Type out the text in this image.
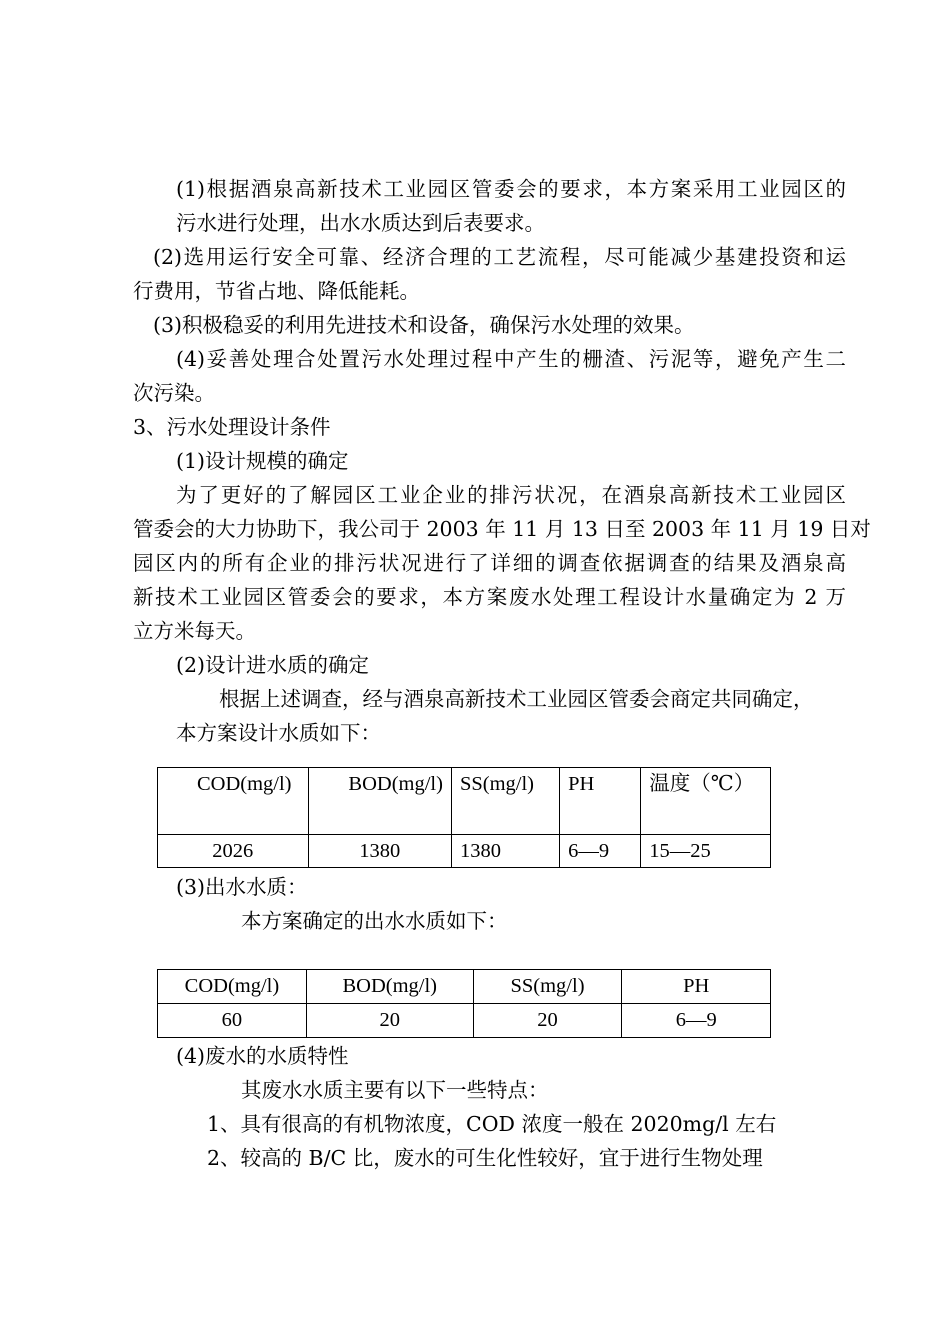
(1)根据酒泉高新技术工业园区管委会的要求，本方案采用工业园区的
污水进行处理，出水水质达到后表要求。
(2)选用运行安全可靠、经济合理的工艺流程，尽可能减少基建投资和运
行费用，节省占地、降低能耗。
(3)积极稳妥的利用先进技术和设备，确保污水处理的效果。
(4)妥善处理合处置污水处理过程中产生的栅渣、污泥等，避免产生二
次污染。
3、污水处理设计条件
(1)设计规模的确定
为了更好的了解园区工业企业的排污状况，在酒泉高新技术工业园区
管委会的大力协助下，我公司于 2003 年 11 月 13 日至 2003 年 11 月 19 日对
园区内的所有企业的排污状况进行了详细的调查依据调查的结果及酒泉高
新技术工业园区管委会的要求，本方案废水处理工程设计水量确定为 2 万
立方米每天。
(2)设计进水质的确定
根据上述调查，经与酒泉高新技术工业园区管委会商定共同确定，
本方案设计水质如下：
COD(mg/l)	BOD(mg/l)	SS(mg/l)	PH	温度（℃）
2026	1380	1380	6—9	15—25
(3)出水水质：
本方案确定的出水水质如下：
COD(mg/l)	BOD(mg/l)	SS(mg/l)	PH
60	20	20	6—9
(4)废水的水质特性
其废水水质主要有以下一些特点：
1、具有很高的有机物浓度，COD 浓度一般在 2020mg/l 左右
2、较高的 B/C 比，废水的可生化性较好，宜于进行生物处理
